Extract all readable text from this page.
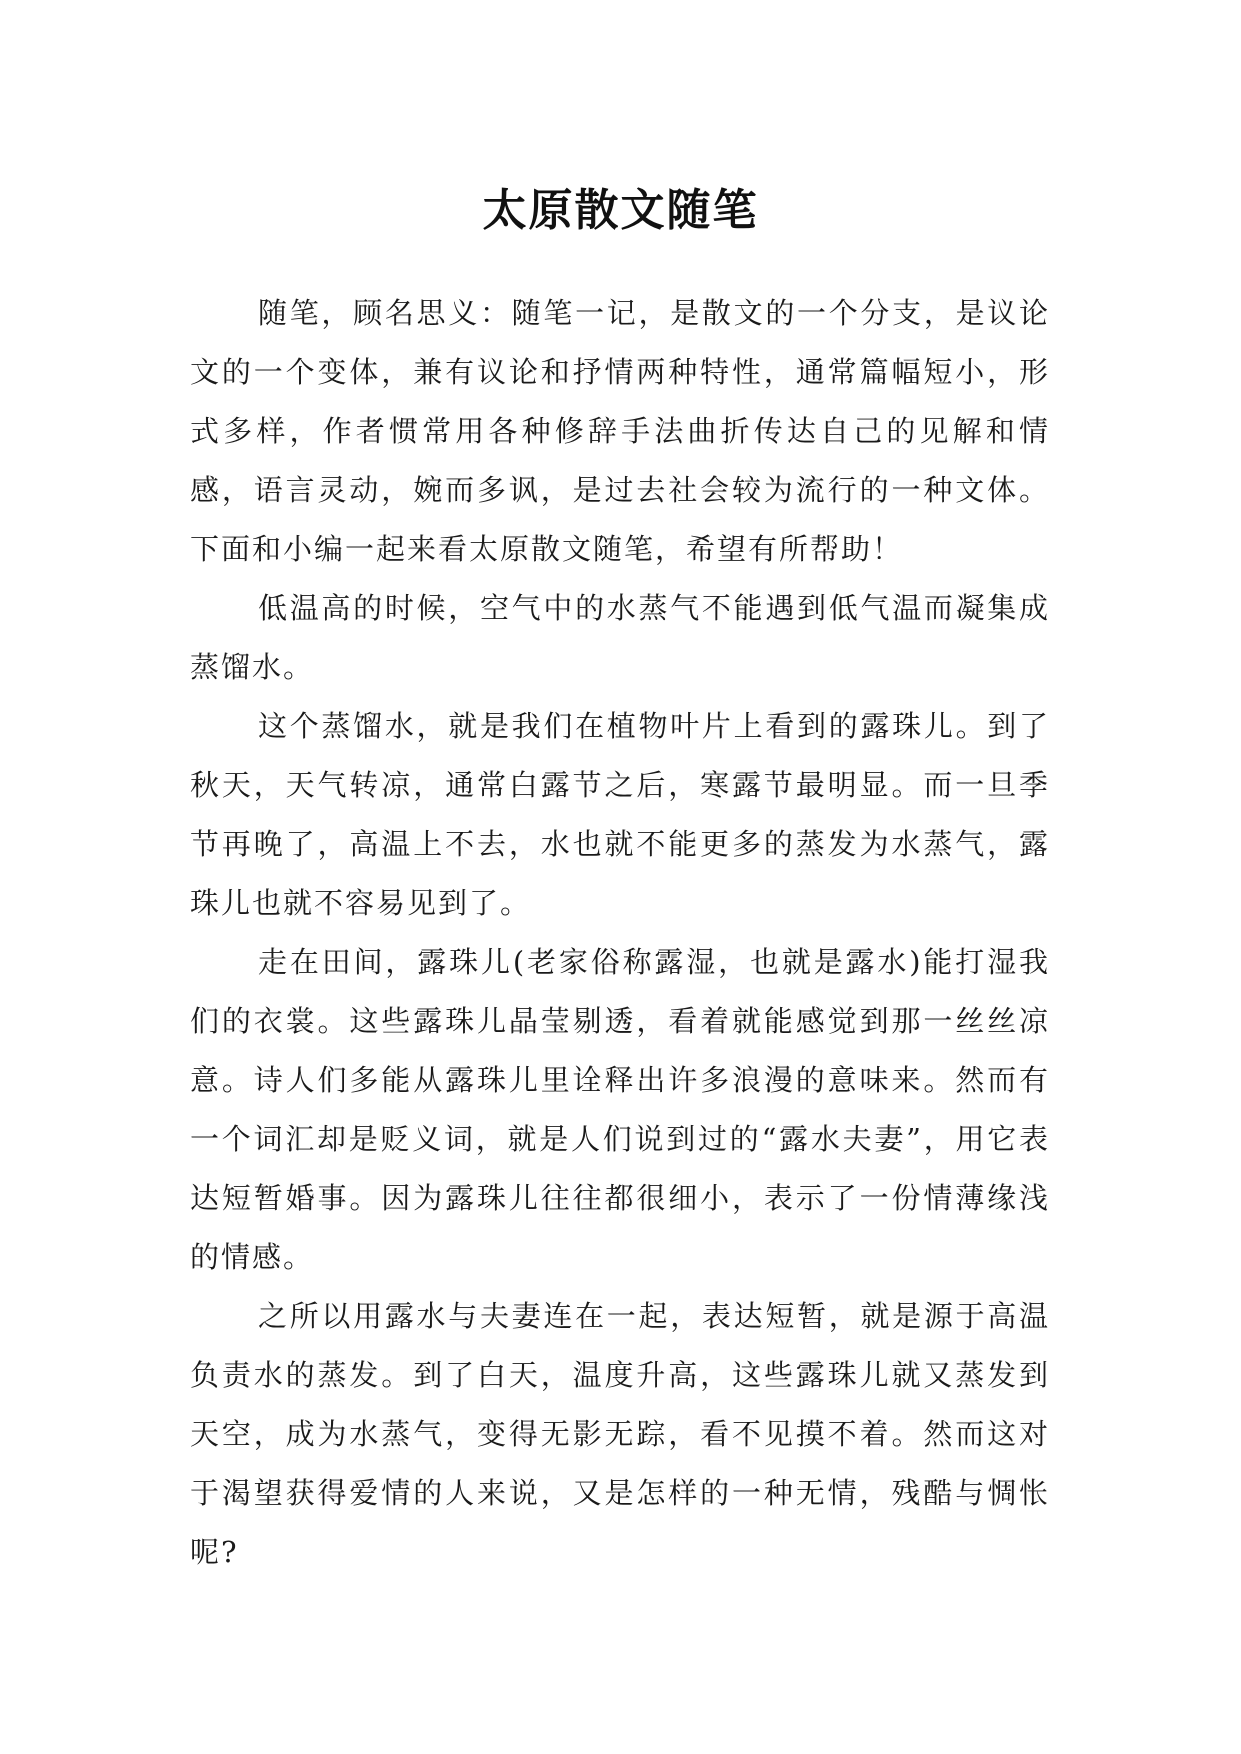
太原散文随笔

随笔，顾名思义：随笔一记，是散文的一个分支，是议论文的一个变体，兼有议论和抒情两种特性，通常篇幅短小，形式多样，作者惯常用各种修辞手法曲折传达自己的见解和情感，语言灵动，婉而多讽，是过去社会较为流行的一种文体。下面和小编一起来看太原散文随笔，希望有所帮助！

低温高的时候，空气中的水蒸气不能遇到低气温而凝集成蒸馏水。

这个蒸馏水，就是我们在植物叶片上看到的露珠儿。到了秋天，天气转凉，通常白露节之后，寒露节最明显。而一旦季节再晚了，高温上不去，水也就不能更多的蒸发为水蒸气，露珠儿也就不容易见到了。

走在田间，露珠儿(老家俗称露湿，也就是露水)能打湿我们的衣裳。这些露珠儿晶莹剔透，看着就能感觉到那一丝丝凉意。诗人们多能从露珠儿里诠释出许多浪漫的意味来。然而有一个词汇却是贬义词，就是人们说到过的“露水夫妻”，用它表达短暂婚事。因为露珠儿往往都很细小，表示了一份情薄缘浅的情感。

之所以用露水与夫妻连在一起，表达短暂，就是源于高温负责水的蒸发。到了白天，温度升高，这些露珠儿就又蒸发到天空，成为水蒸气，变得无影无踪，看不见摸不着。然而这对于渴望获得爱情的人来说，又是怎样的一种无情，残酷与惆怅呢?
